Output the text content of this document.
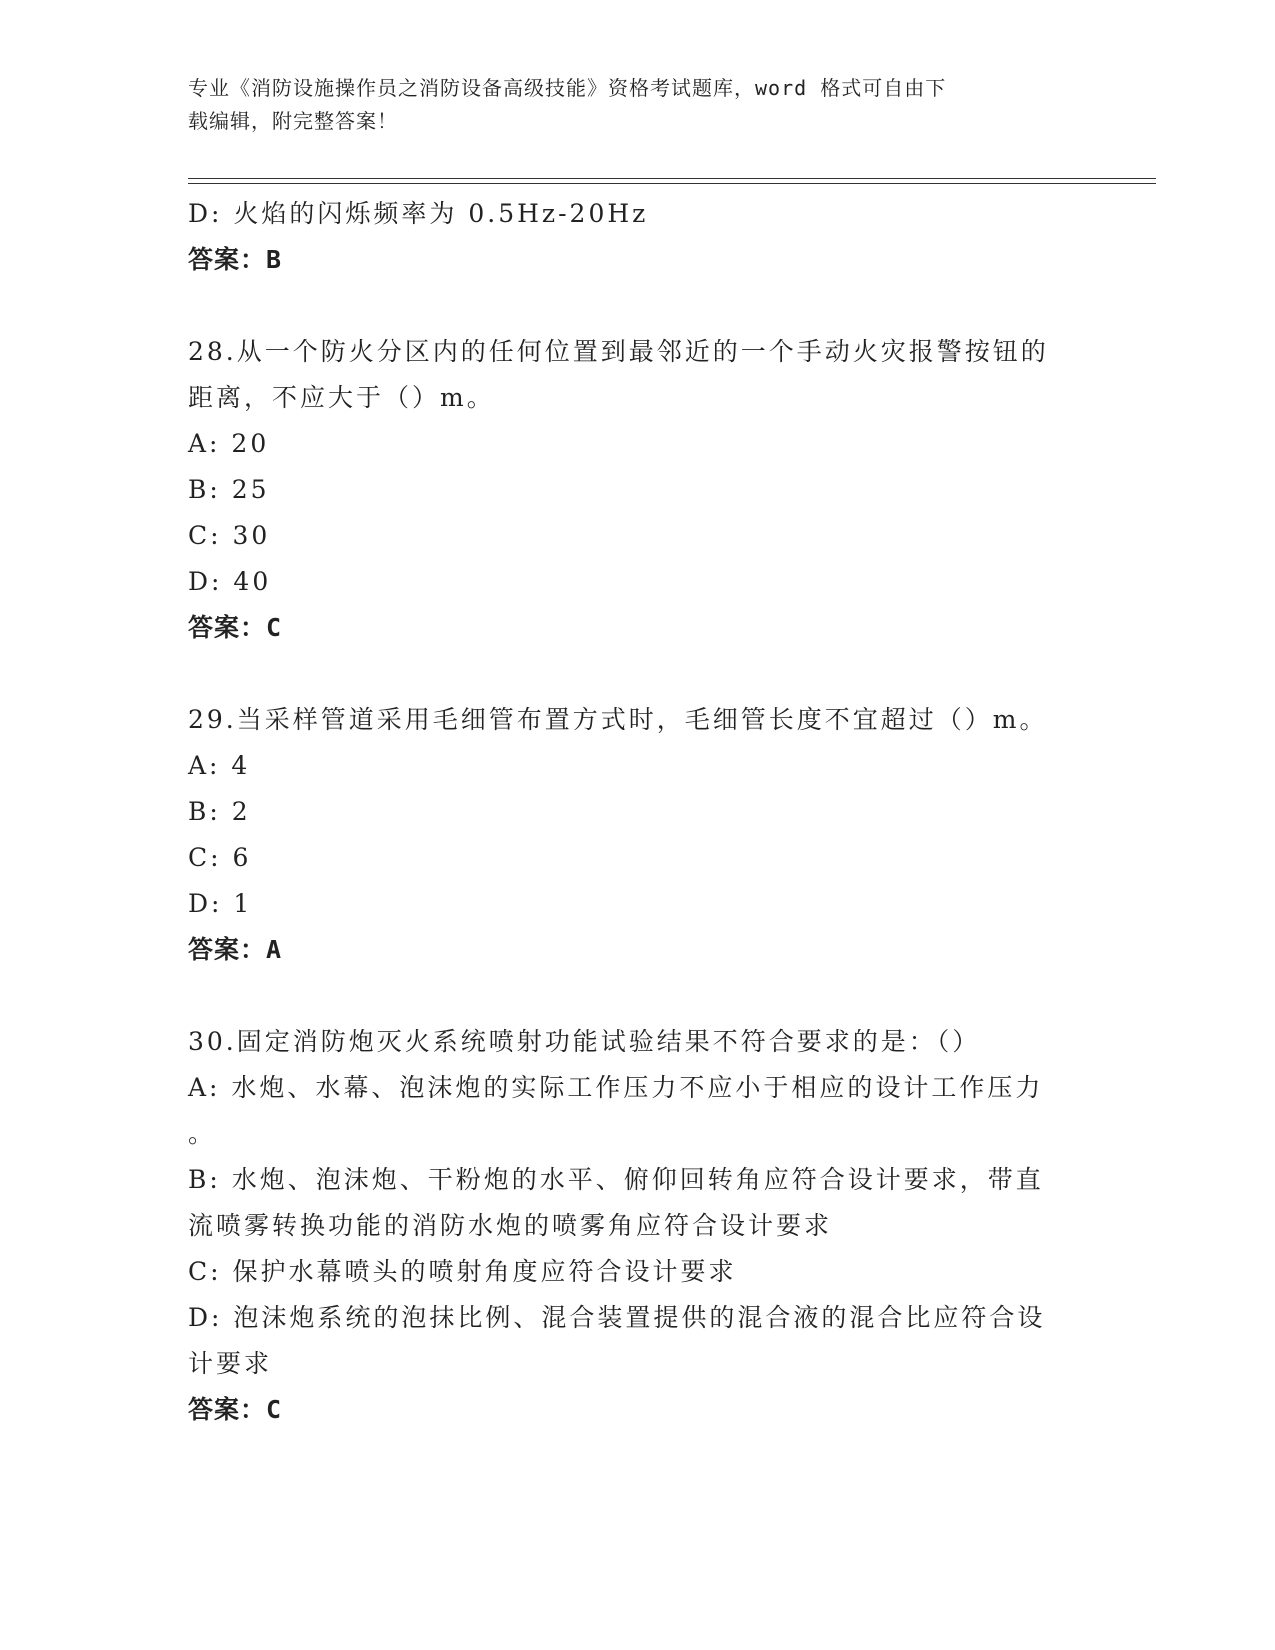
专业《消防设施操作员之消防设备高级技能》资格考试题库，word 格式可自由下
载编辑，附完整答案！
D: 火焰的闪烁频率为 0.5Hz-20Hz
答案：B
28.从一个防火分区内的任何位置到最邻近的一个手动火灾报警按钮的
距离，不应大于（）m。
A: 20
B: 25
C: 30
D: 40
答案：C
29.当采样管道采用毛细管布置方式时，毛细管长度不宜超过（）m。
A: 4
B: 2
C: 6
D: 1
答案：A
30.固定消防炮灭火系统喷射功能试验结果不符合要求的是：（）
A: 水炮、水幕、泡沫炮的实际工作压力不应小于相应的设计工作压力
。
B: 水炮、泡沫炮、干粉炮的水平、俯仰回转角应符合设计要求，带直
流喷雾转换功能的消防水炮的喷雾角应符合设计要求
C: 保护水幕喷头的喷射角度应符合设计要求
D: 泡沫炮系统的泡抹比例、混合装置提供的混合液的混合比应符合设
计要求
答案：C
